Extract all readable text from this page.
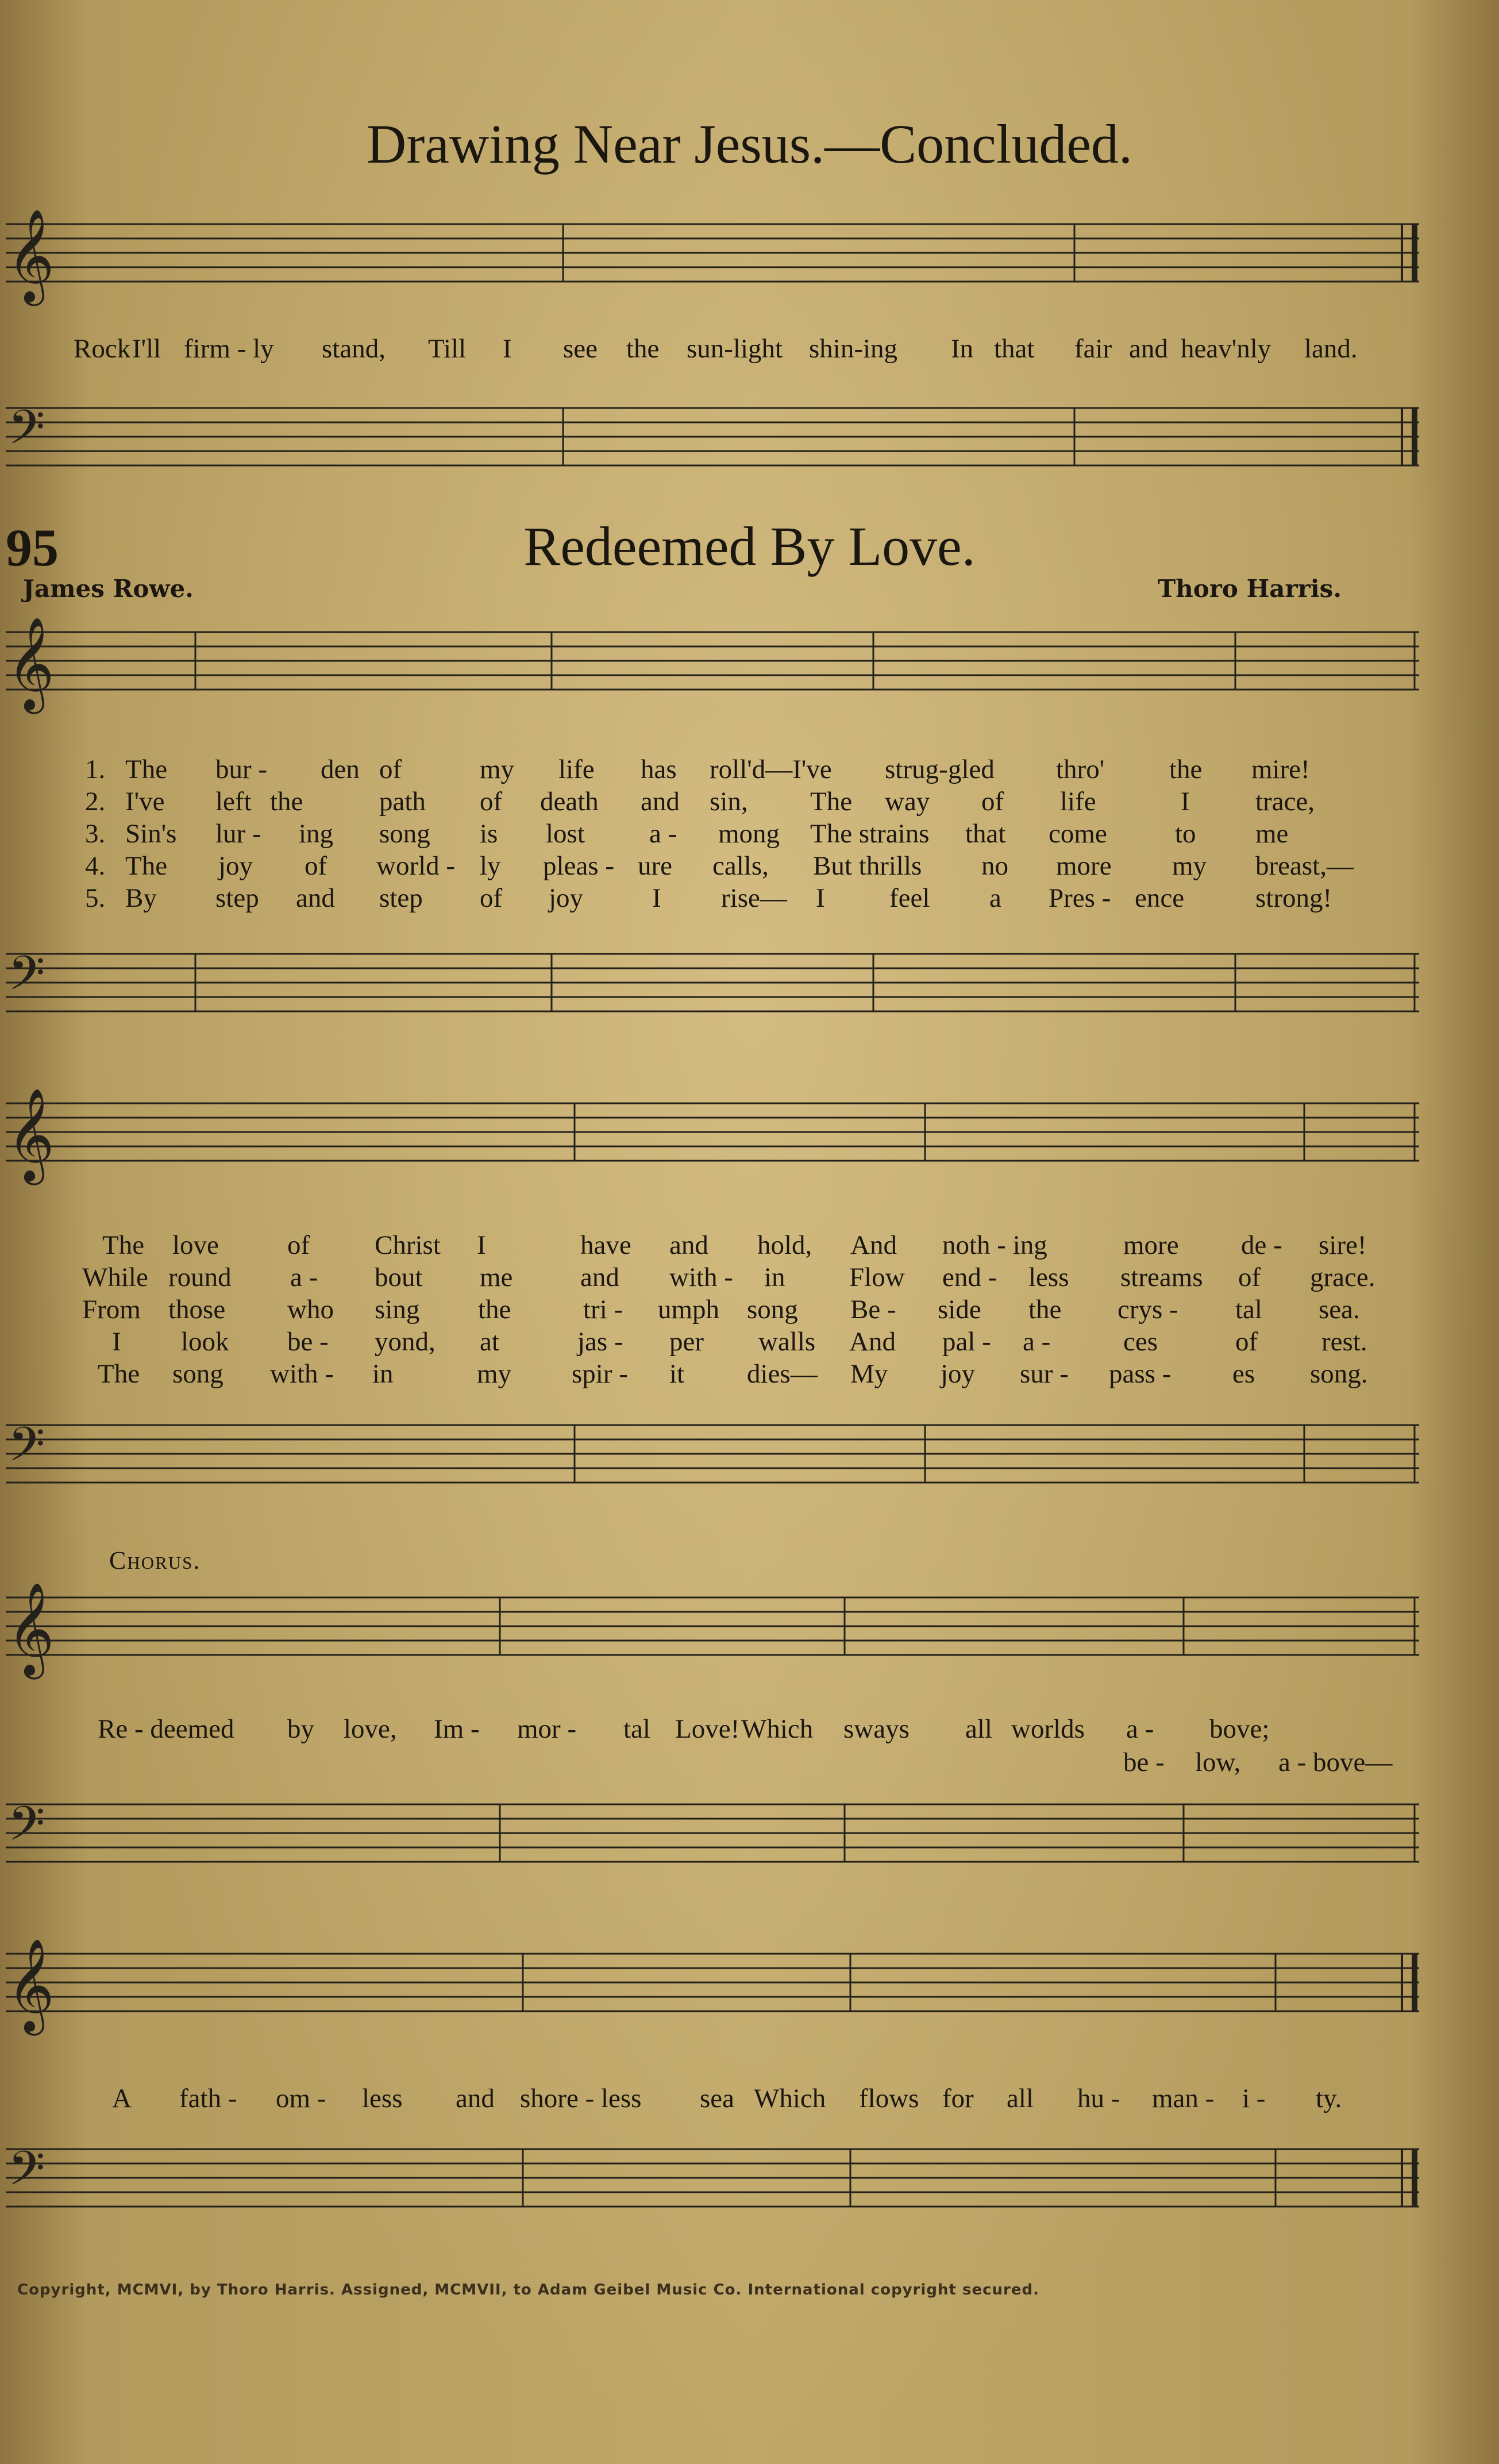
Drawing Near Jesus.—Concluded.
𝄞
Rock I'll firm - ly stand, Till I see the sun-light shin-ing In that fair and heav'nly land.
𝄢
95	Redeemed By Love.
James Rowe.	Thoro Harris.
𝄞
1. The bur - den of	my life has roll'd—I've strug- gled thro' the mire!
2. I've left the	path of death and sin, The way of life	I trace,
3. Sin's lur - ing song is lost a - mong The strains that come	to me
4. The joy of world - ly pleas - ure calls, But thrills no more my breast,—
5. By step and step of joy	I rise— I feel a Pres - ence	strong!
𝄢
𝄞
The love	of Christ I	have and hold, And noth - ing	more de - sire!
While round a - bout me	and with - in Flow end - less streams of grace.
From those who sing the	tri - umph song Be - side the crys - tal sea.
I look be - yond, at	jas - per walls And pal - a -	ces	of rest.
The song with - in	my spir - it dies— My joy sur - pass - es song.
𝄢
Chorus.
𝄞
Re - deemed by love, Im - mor - tal Love! Which sways all worlds a - bove;
be - low, a - bove—
𝄢
𝄞
A fath - om - less and shore - less sea Which flows for all hu - man - i - ty.
𝄢
Copyright, MCMVI, by Thoro Harris. Assigned, MCMVII, to Adam Geibel Music Co. International copyright secured.
